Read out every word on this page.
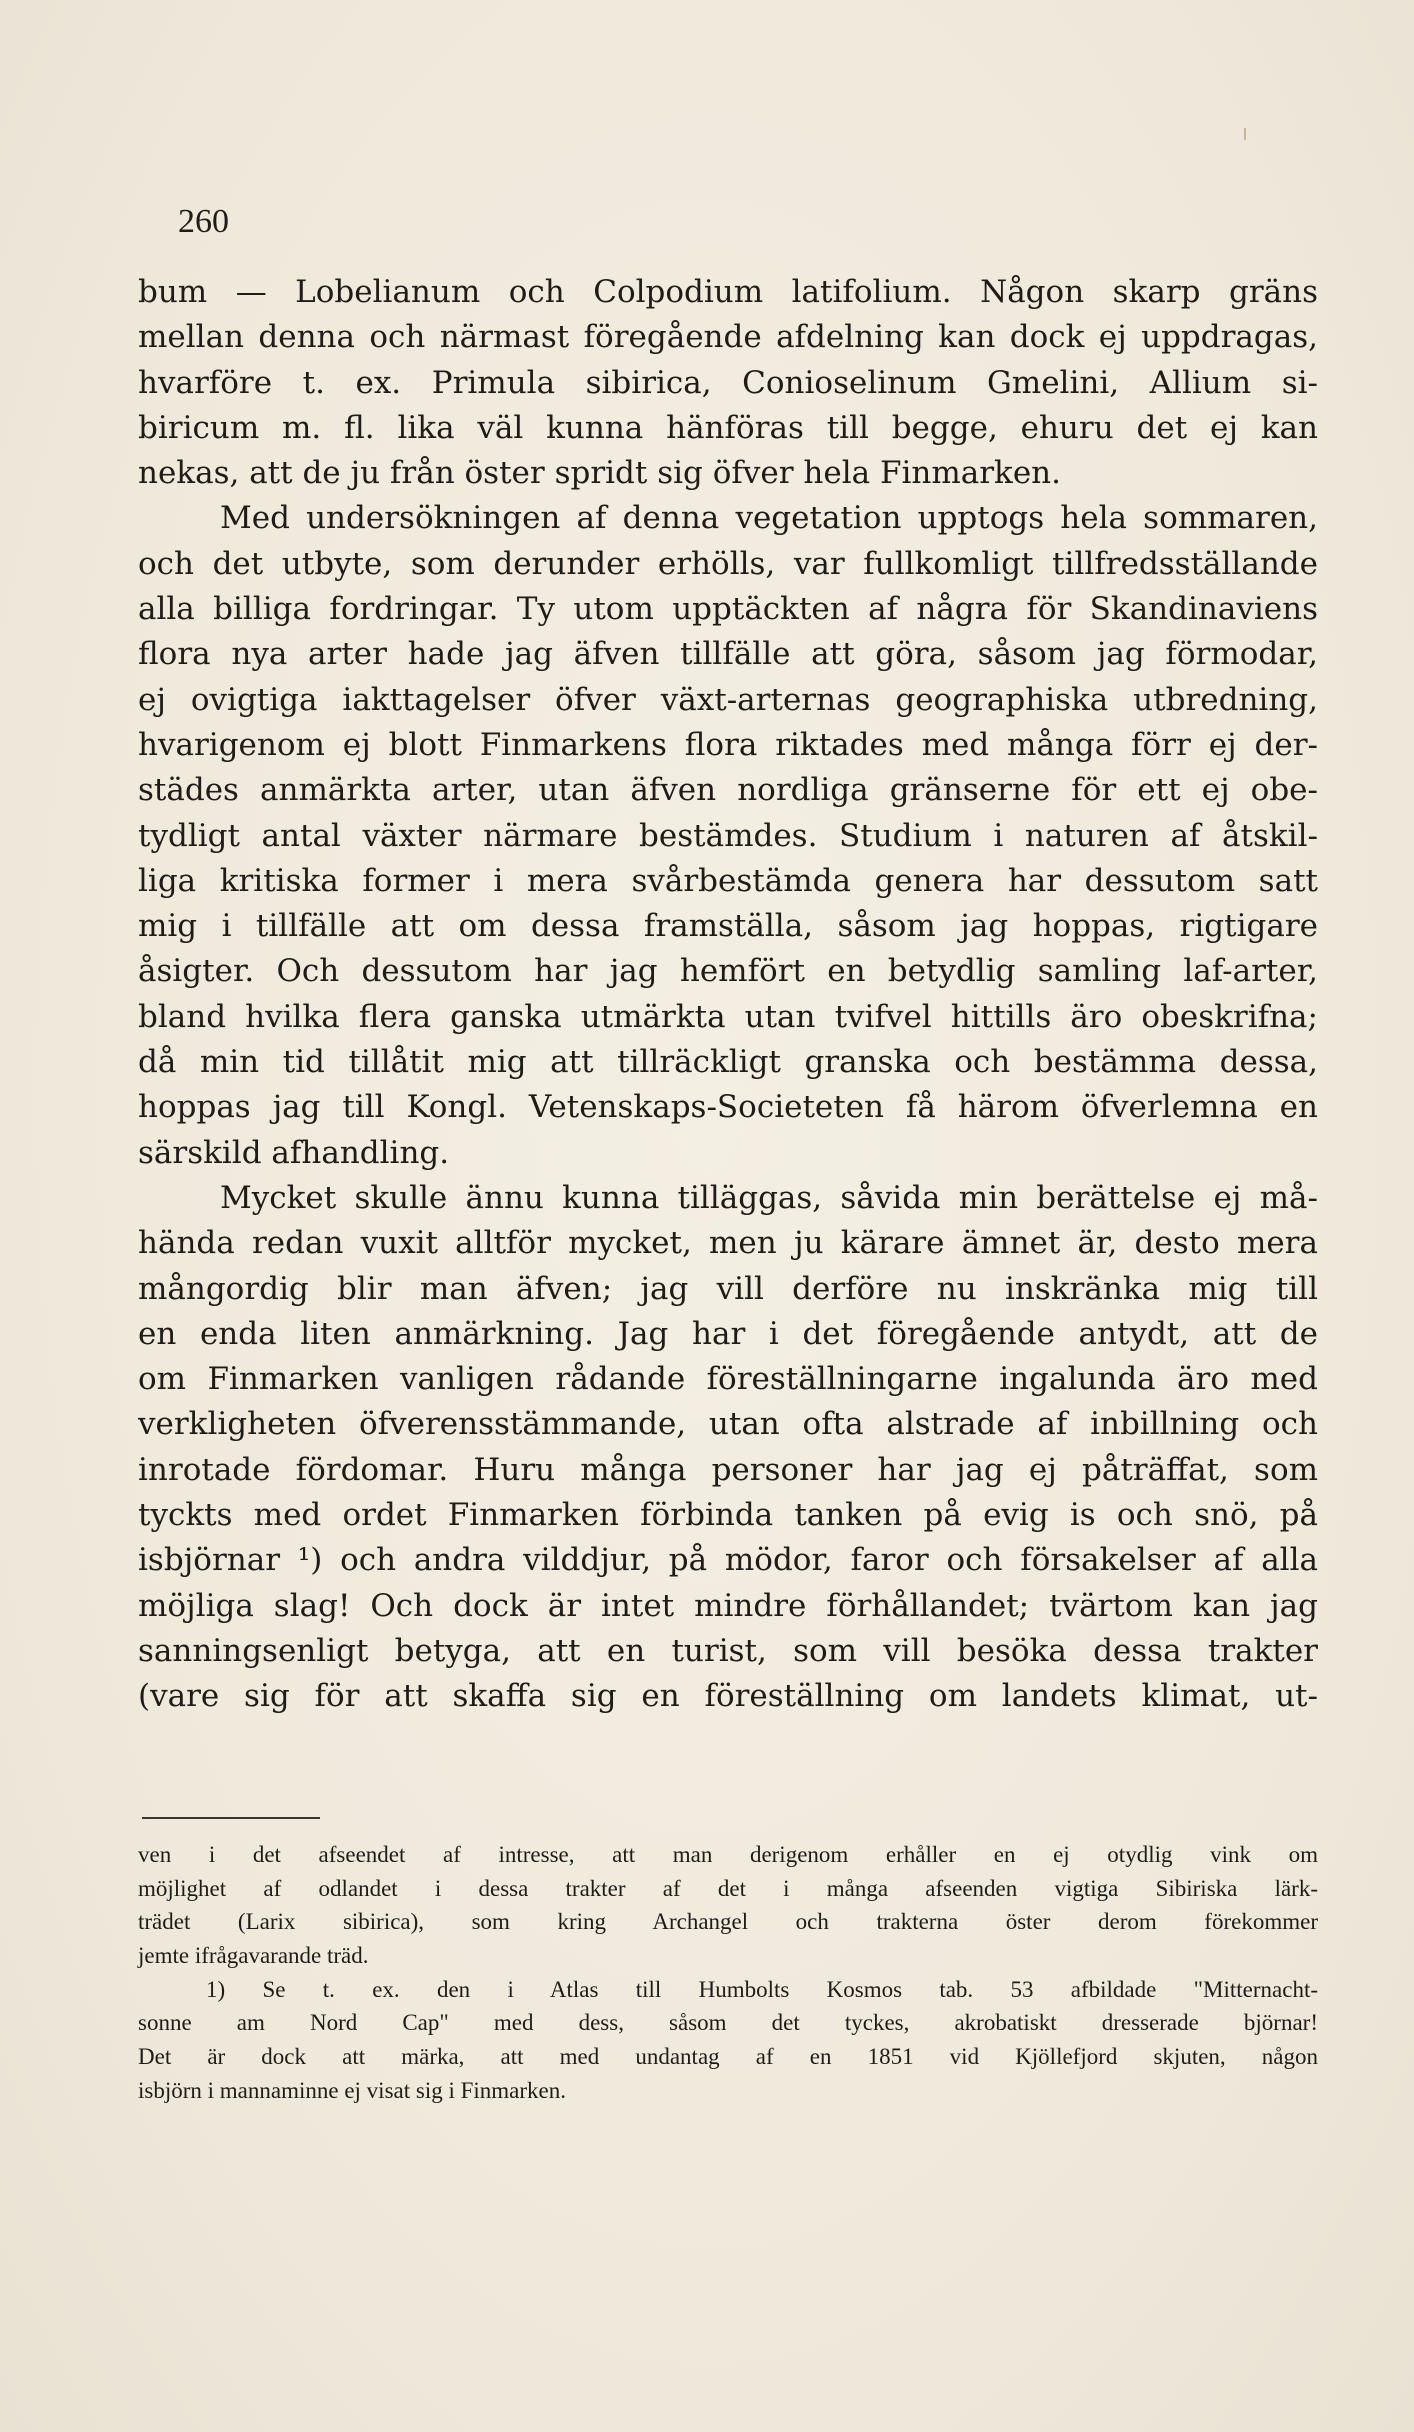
260
bum — Lobelianum och Colpodium latifolium. Någon skarp gräns
mellan denna och närmast föregående afdelning kan dock ej uppdragas,
hvarföre t. ex. Primula sibirica, Conioselinum Gmelini, Allium si-
biricum m. fl. lika väl kunna hänföras till begge, ehuru det ej kan
nekas, att de ju från öster spridt sig öfver hela Finmarken.
Med undersökningen af denna vegetation upptogs hela sommaren,
och det utbyte, som derunder erhölls, var fullkomligt tillfredsställande
alla billiga fordringar. Ty utom upptäckten af några för Skandinaviens
flora nya arter hade jag äfven tillfälle att göra, såsom jag förmodar,
ej ovigtiga iakttagelser öfver växt-arternas geographiska utbredning,
hvarigenom ej blott Finmarkens flora riktades med många förr ej der-
städes anmärkta arter, utan äfven nordliga gränserne för ett ej obe-
tydligt antal växter närmare bestämdes. Studium i naturen af åtskil-
liga kritiska former i mera svårbestämda genera har dessutom satt
mig i tillfälle att om dessa framställa, såsom jag hoppas, rigtigare
åsigter. Och dessutom har jag hemfört en betydlig samling laf-arter,
bland hvilka flera ganska utmärkta utan tvifvel hittills äro obeskrifna;
då min tid tillåtit mig att tillräckligt granska och bestämma dessa,
hoppas jag till Kongl. Vetenskaps-Societeten få härom öfverlemna en
särskild afhandling.
Mycket skulle ännu kunna tilläggas, såvida min berättelse ej må-
hända redan vuxit alltför mycket, men ju kärare ämnet är, desto mera
mångordig blir man äfven; jag vill derföre nu inskränka mig till
en enda liten anmärkning. Jag har i det föregående antydt, att de
om Finmarken vanligen rådande föreställningarne ingalunda äro med
verkligheten öfverensstämmande, utan ofta alstrade af inbillning och
inrotade fördomar. Huru många personer har jag ej påträffat, som
tyckts med ordet Finmarken förbinda tanken på evig is och snö, på
isbjörnar ¹) och andra vilddjur, på mödor, faror och försakelser af alla
möjliga slag! Och dock är intet mindre förhållandet; tvärtom kan jag
sanningsenligt betyga, att en turist, som vill besöka dessa trakter
(vare sig för att skaffa sig en föreställning om landets klimat, ut-
ven i det afseendet af intresse, att man derigenom erhåller en ej otydlig vink om
möjlighet af odlandet i dessa trakter af det i många afseenden vigtiga Sibiriska lärk-
trädet (Larix sibirica), som kring Archangel och trakterna öster derom förekommer
jemte ifrågavarande träd.
1) Se t. ex. den i Atlas till Humbolts Kosmos tab. 53 afbildade "Mitternacht-
sonne am Nord Cap" med dess, såsom det tyckes, akrobatiskt dresserade björnar!
Det är dock att märka, att med undantag af en 1851 vid Kjöllefjord skjuten, någon
isbjörn i mannaminne ej visat sig i Finmarken.
